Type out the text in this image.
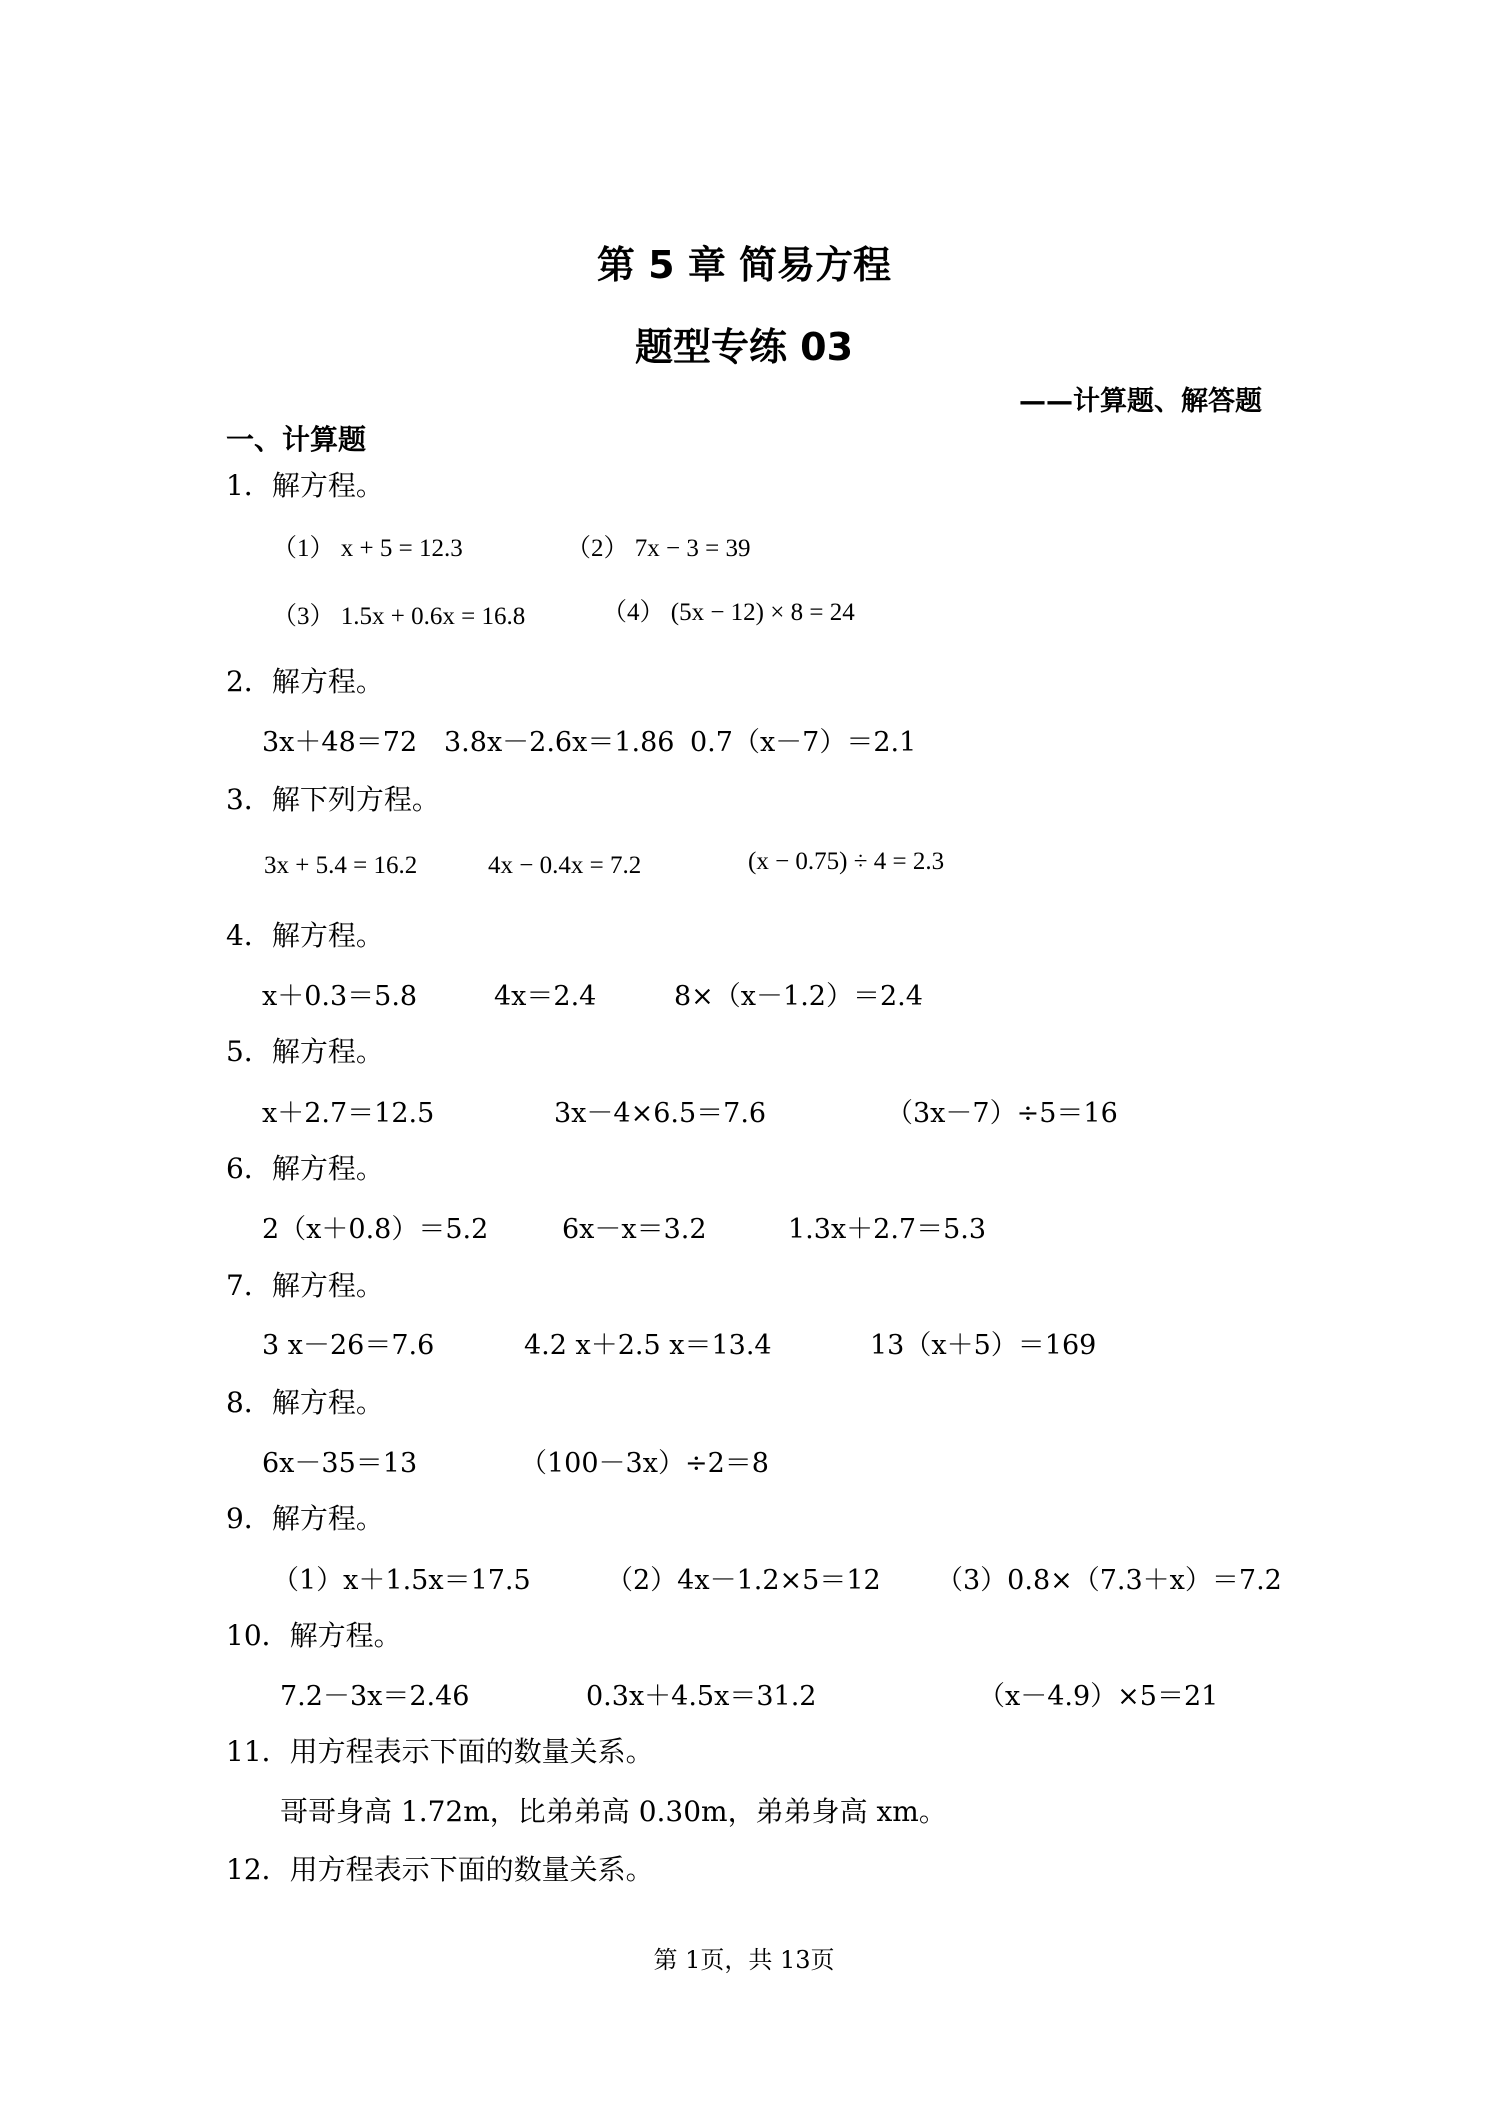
第 5 章 简易方程
题型专练 03
——计算题、解答题
一、计算题
1．解方程。
（1） x + 5 = 12.3	（2） 7x − 3 = 39
（3） 1.5x + 0.6x = 16.8	（4） (5x − 12) × 8 = 24
2．解方程。
3x＋48＝72 3.8x－2.6x＝1.86 0.7（x－7）＝2.1
3．解下列方程。
3x + 5.4 = 16.2	4x − 0.4x = 7.2	(x − 0.75) ÷ 4 = 2.3
4．解方程。
x＋0.3＝5.8	4x＝2.4	8×（x－1.2）＝2.4
5．解方程。
x＋2.7＝12.5	3x－4×6.5＝7.6	（3x－7）÷5＝16
6．解方程。
2（x＋0.8）＝5.2	6x－x＝3.2	1.3x＋2.7＝5.3
7．解方程。
3 x－26＝7.6	4.2 x＋2.5 x＝13.4	13（x＋5）＝169
8．解方程。
6x－35＝13	（100－3x）÷2＝8
9．解方程。
（1）x＋1.5x＝17.5	（2）4x－1.2×5＝12 （3）0.8×（7.3＋x）＝7.2
10．解方程。
7.2－3x＝2.46	0.3x＋4.5x＝31.2	（x－4.9）×5＝21
11．用方程表示下面的数量关系。
哥哥身高 1.72m，比弟弟高 0.30m，弟弟身高 xm。
12．用方程表示下面的数量关系。
第 1页，共 13页
